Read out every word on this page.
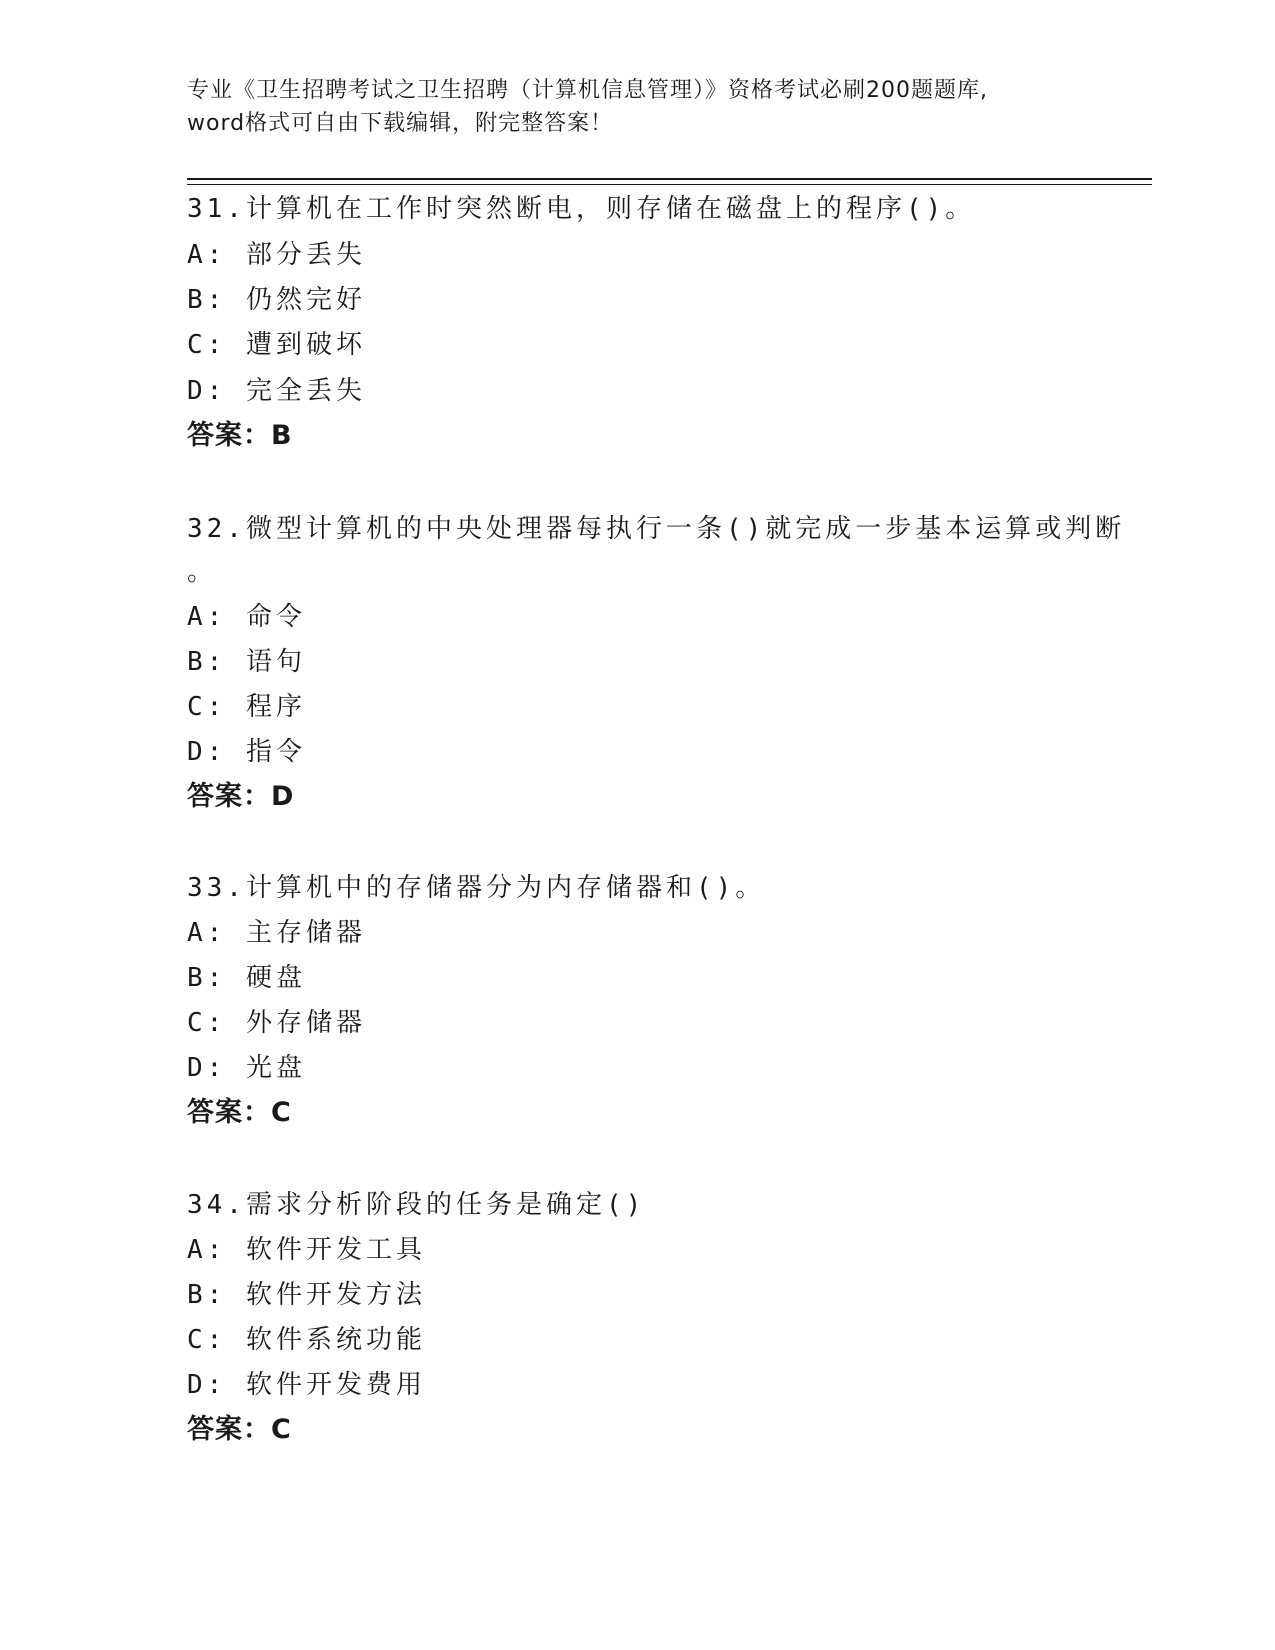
专业《卫生招聘考试之卫生招聘（计算机信息管理）》资格考试必刷200题题库,
word格式可自由下载编辑，附完整答案！
31.计算机在工作时突然断电，则存储在磁盘上的程序()。
A: 部分丢失
B: 仍然完好
C: 遭到破坏
D: 完全丢失
答案：B
32.微型计算机的中央处理器每执行一条()就完成一步基本运算或判断
。
A: 命令
B: 语句
C: 程序
D: 指令
答案：D
33.计算机中的存储器分为内存储器和()。
A: 主存储器
B: 硬盘
C: 外存储器
D: 光盘
答案：C
34.需求分析阶段的任务是确定()
A: 软件开发工具
B: 软件开发方法
C: 软件系统功能
D: 软件开发费用
答案：C
